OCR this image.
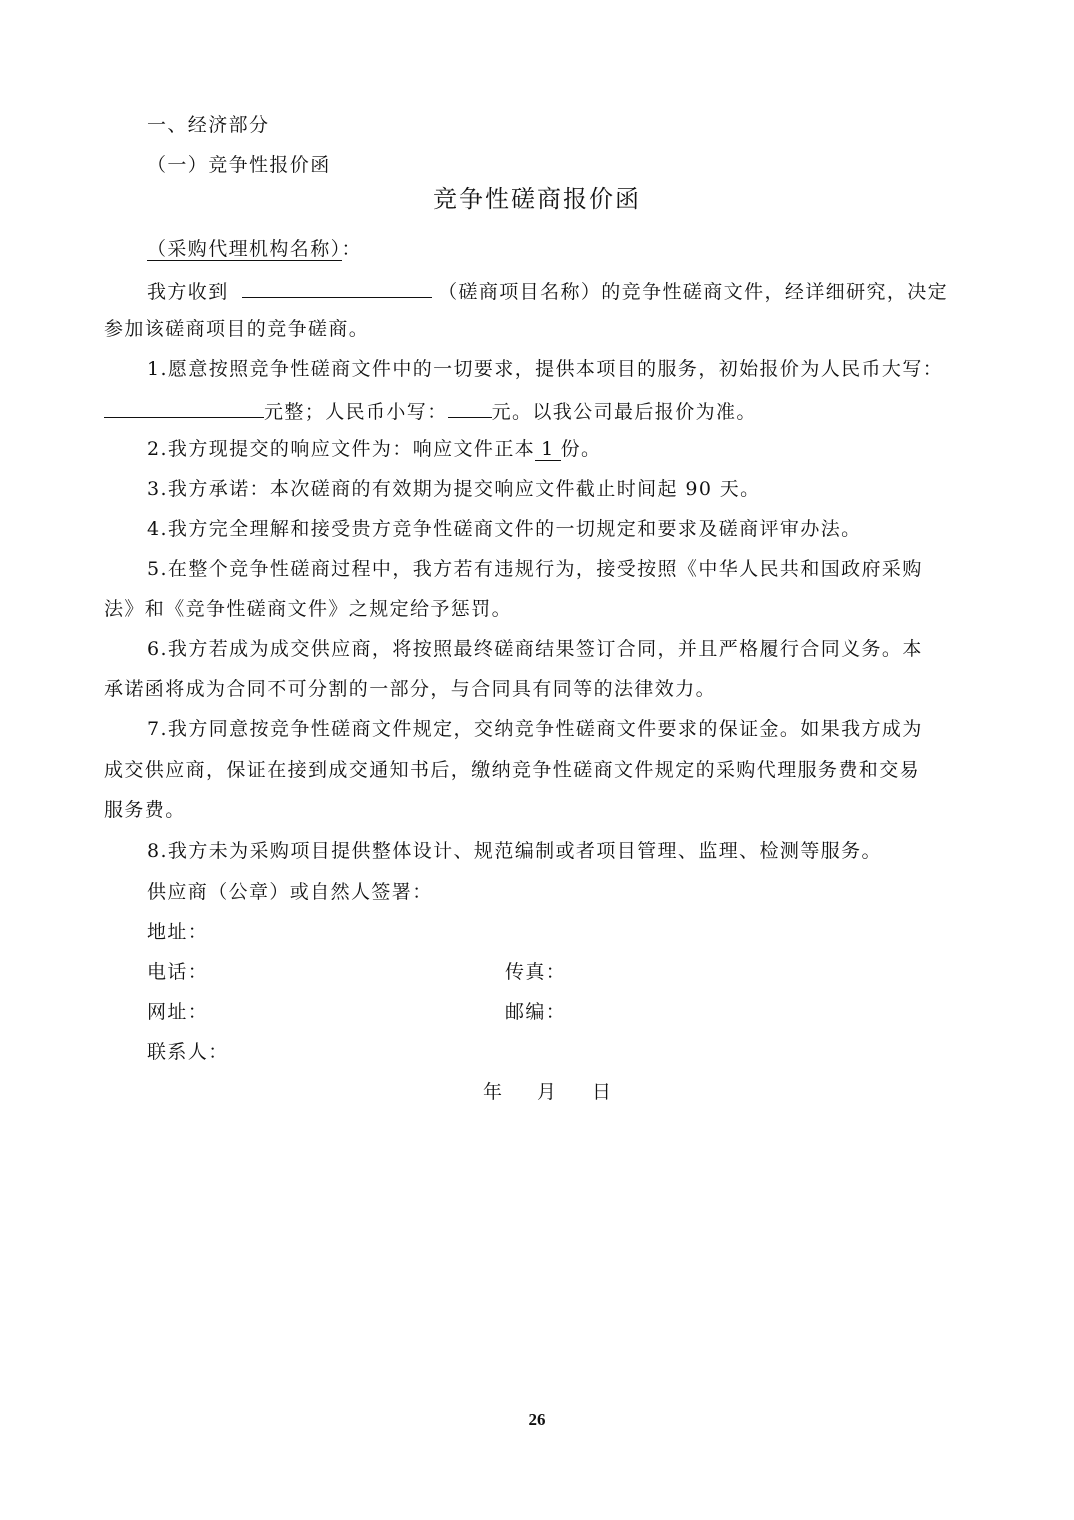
一、经济部分
（一）竞争性报价函
竞争性磋商报价函
（采购代理机构名称）：
我方收到	（磋商项目名称）的竞争性磋商文件，经详细研究，决定
参加该磋商项目的竞争磋商。
1.愿意按照竞争性磋商文件中的一切要求，提供本项目的服务，初始报价为人民币大写：
元整；人民币小写： 元。以我公司最后报价为准。
2.我方现提交的响应文件为：响应文件正本 1 份。
3.我方承诺：本次磋商的有效期为提交响应文件截止时间起 90 天。
4.我方完全理解和接受贵方竞争性磋商文件的一切规定和要求及磋商评审办法。
5.在整个竞争性磋商过程中，我方若有违规行为，接受按照《中华人民共和国政府采购
法》和《竞争性磋商文件》之规定给予惩罚。
6.我方若成为成交供应商，将按照最终磋商结果签订合同，并且严格履行合同义务。本
承诺函将成为合同不可分割的一部分，与合同具有同等的法律效力。
7.我方同意按竞争性磋商文件规定，交纳竞争性磋商文件要求的保证金。如果我方成为
成交供应商，保证在接到成交通知书后，缴纳竞争性磋商文件规定的采购代理服务费和交易
服务费。
8.我方未为采购项目提供整体设计、规范编制或者项目管理、监理、检测等服务。
供应商（公章）或自然人签署：
地址：
电话：	传真：
网址：	邮编：
联系人：
年 月 日
26
